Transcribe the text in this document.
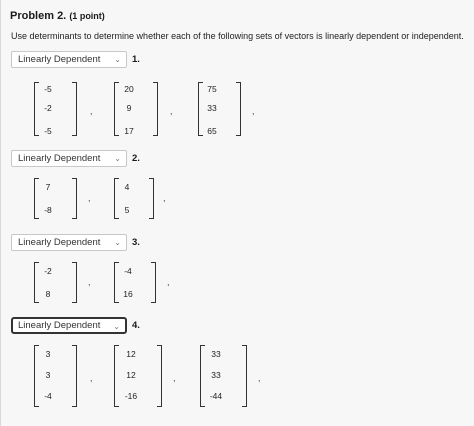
Problem 2. (1 point)
Use determinants to determine whether each of the following sets of vectors is linearly dependent or independent.
Linearly Dependent ⌄ 1.
-5
-2
-5
,
20
9
17
,
75
33
65
,
Linearly Dependent ⌄ 2.
7
-8
,
4
5
,
Linearly Dependent ⌄ 3.
-2
8
,
-4
16
,
Linearly Dependent ⌄ 4.
3
3
-4
,
12
12
-16
,
33
33
-44
,
